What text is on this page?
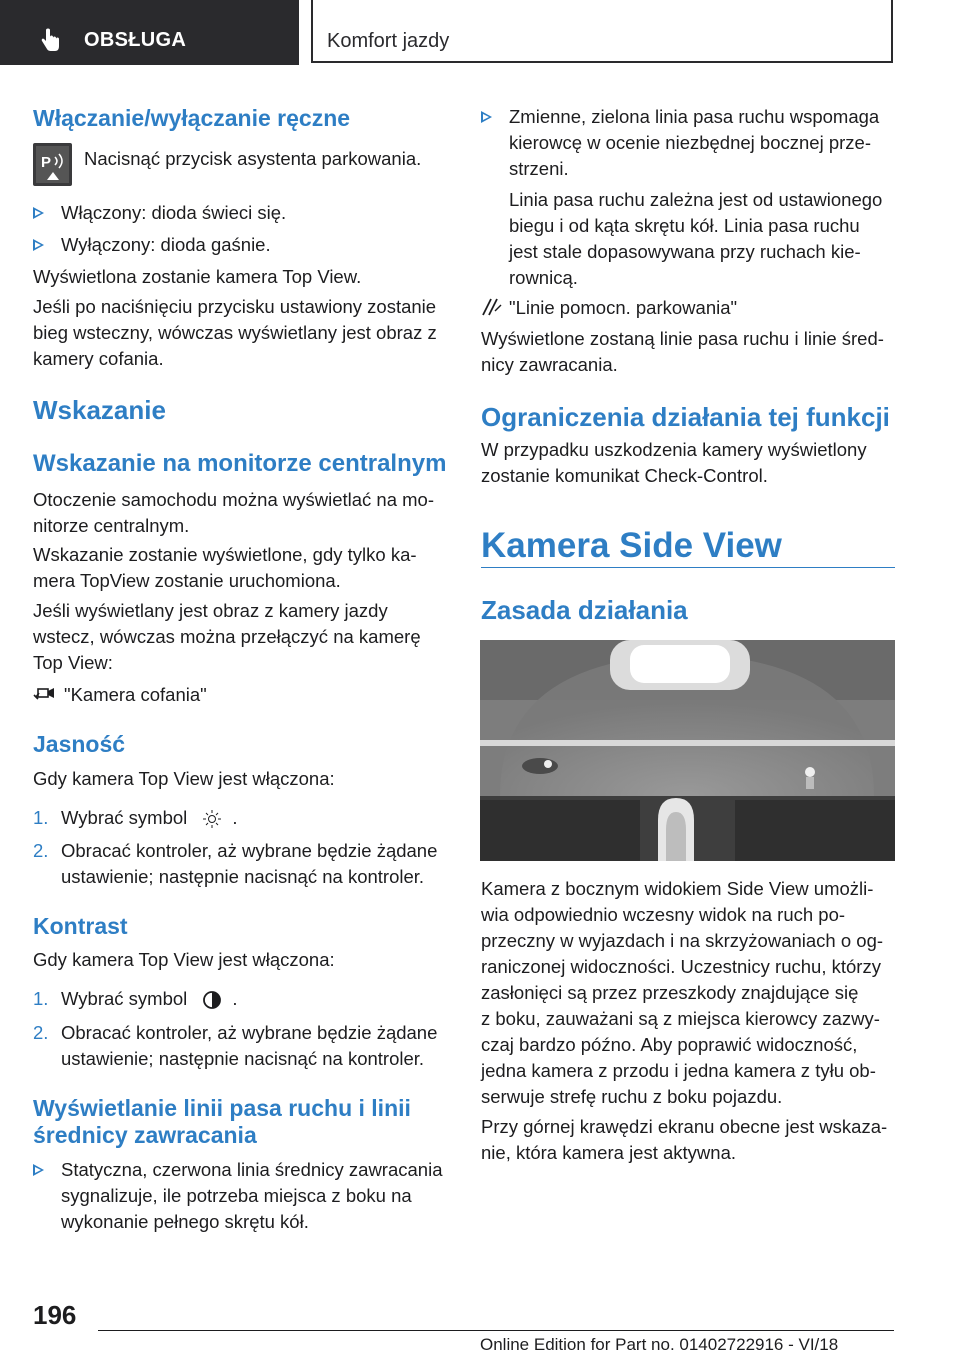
OBSŁUGA	Komfort jazdy
Włączanie/wyłączanie ręczne
P Nacisnąć przycisk asystenta parkowania.

Włączony: dioda świeci się.
Wyłączony: dioda gaśnie.

Wyświetlona zostanie kamera Top View.

Jeśli po naciśnięciu przycisku ustawiony zostanie bieg wsteczny, wówczas wyświetlany jest obraz z kamery cofania.

Wskazanie
Wskazanie na monitorze centralnym

Otoczenie samochodu można wyświetlać na mo-

nitorze centralnym.

Wskazanie zostanie wyświetlone, gdy tylko ka-

mera TopView zostanie uruchomiona.

Jeśli wyświetlany jest obraz z kamery jazdy

wstecz, wówczas można przełączyć na kamerę

Top View:

"Kamera cofania"

Jasność

Gdy kamera Top View jest włączona:

1. Wybrać symbol .
2. Obracać kontroler, aż wybrane będzie żądane

ustawienie; następnie nacisnąć na kontroler.

Kontrast

Gdy kamera Top View jest włączona:

1. Wybrać symbol .
2. Obracać kontroler, aż wybrane będzie żądane

ustawienie; następnie nacisnąć na kontroler.

Wyświetlanie linii pasa ruchu i linii
średnicy zawracania
Statyczna, czerwona linia średnicy zawracania

sygnalizuje, ile potrzeba miejsca z boku na

wykonanie pełnego skrętu kół.

Zmienne, zielona linia pasa ruchu wspomaga

kierowcę w ocenie niezbędnej bocznej prze-

strzeni.

Linia pasa ruchu zależna jest od ustawionego

biegu i od kąta skrętu kół. Linia pasa ruchu

jest stale dopasowywana przy ruchach kie-

rownicą.

"Linie pomocn. parkowania"

Wyświetlone zostaną linie pasa ruchu i linie śred-

nicy zawracania.

Ograniczenia działania tej funkcji

W przypadku uszkodzenia kamery wyświetlony

zostanie komunikat Check-Control.

Kamera Side View
Zasada działania

Kamera z bocznym widokiem Side View umożli-

wia odpowiednio wczesny widok na ruch po-

przeczny w wyjazdach i na skrzyżowaniach o og-

raniczonej widoczności. Uczestnicy ruchu, którzy

zasłonięci są przez przeszkody znajdujące się

z boku, zauważani są z miejsca kierowcy zazwy-

czaj bardzo późno. Aby poprawić widoczność,

jedna kamera z przodu i jedna kamera z tyłu ob-

serwuje strefę ruchu z boku pojazdu.

Przy górnej krawędzi ekranu obecne jest wskaza-

nie, która kamera jest aktywna.

196
Online Edition for Part no. 01402722916 - VI/18
